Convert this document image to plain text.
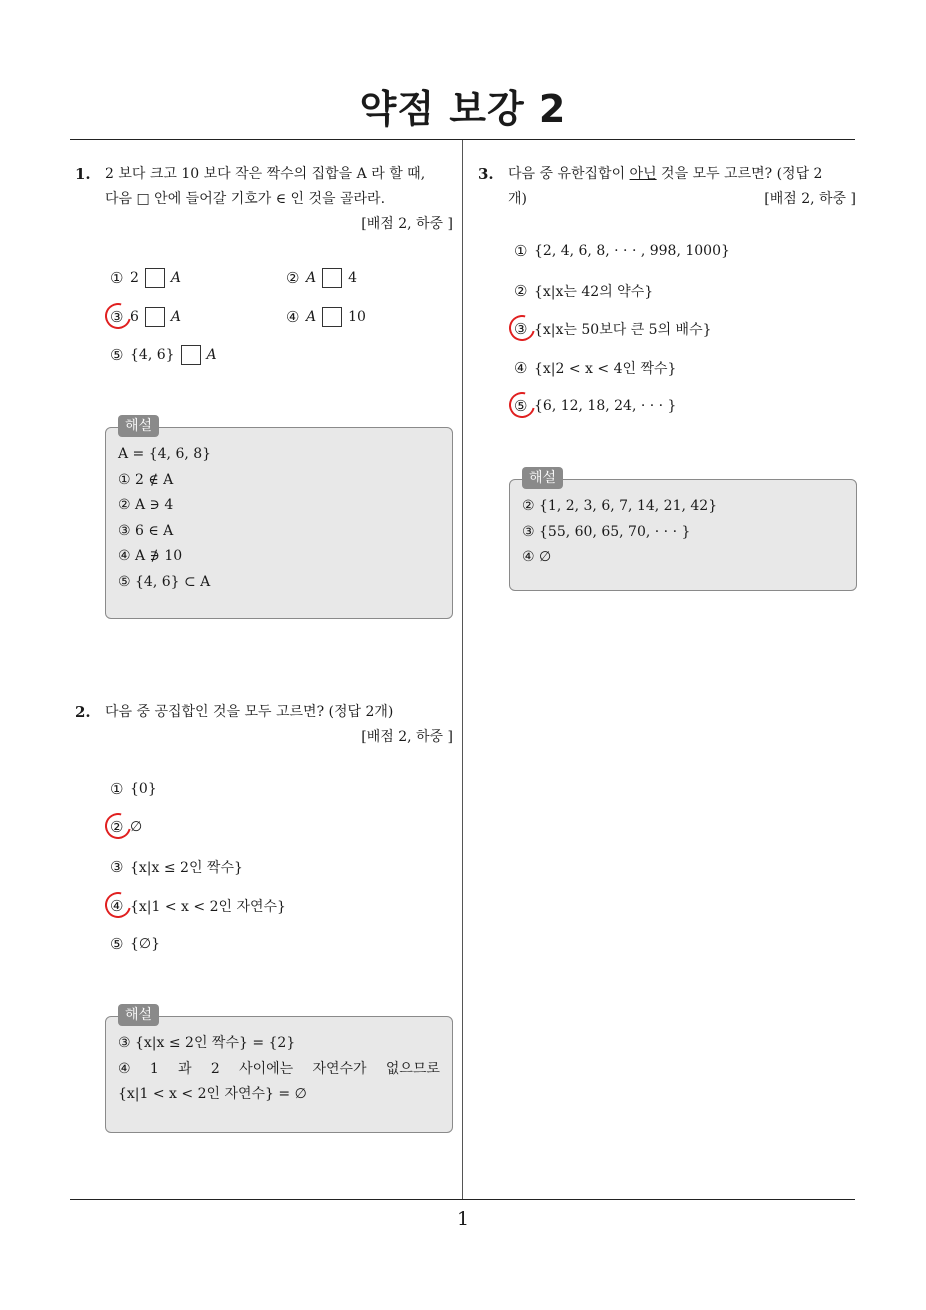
약점 보강 2
1.	2 보다 크고 10 보다 작은 짝수의 집합을 A 라 할 때,
다음 □ 안에 들어갈 기호가 ∈ 인 것을 골라라.
[배점 2, 하중 ]
① 2 A	② A 4
③ 6 A	④ A 10
⑤ {4, 6} A
해설
A = {4, 6, 8}
① 2 ∉ A
② A ∋ 4
③ 6 ∈ A
④ A ∌ 10
⑤ {4, 6} ⊂ A
2.	다음 중 공집합인 것을 모두 고르면? (정답 2개)
[배점 2, 하중 ]
① {0}
② ∅
③ {x|x ≤ 2인 짝수}
④ {x|1 < x < 2인 자연수}
⑤ {∅}
해설
③ {x|x ≤ 2인 짝수} = {2}
④ 1 과 2 사이에는 자연수가 없으므로
{x|1 < x < 2인 자연수} = ∅
3.	다음 중 유한집합이 아닌 것을 모두 고르면? (정답 2
개)	[배점 2, 하중 ]
① {2, 4, 6, 8, · · · , 998, 1000}
② {x|x는 42의 약수}
③ {x|x는 50보다 큰 5의 배수}
④ {x|2 < x < 4인 짝수}
⑤ {6, 12, 18, 24, · · · }
해설
② {1, 2, 3, 6, 7, 14, 21, 42}
③ {55, 60, 65, 70, · · · }
④ ∅
1
